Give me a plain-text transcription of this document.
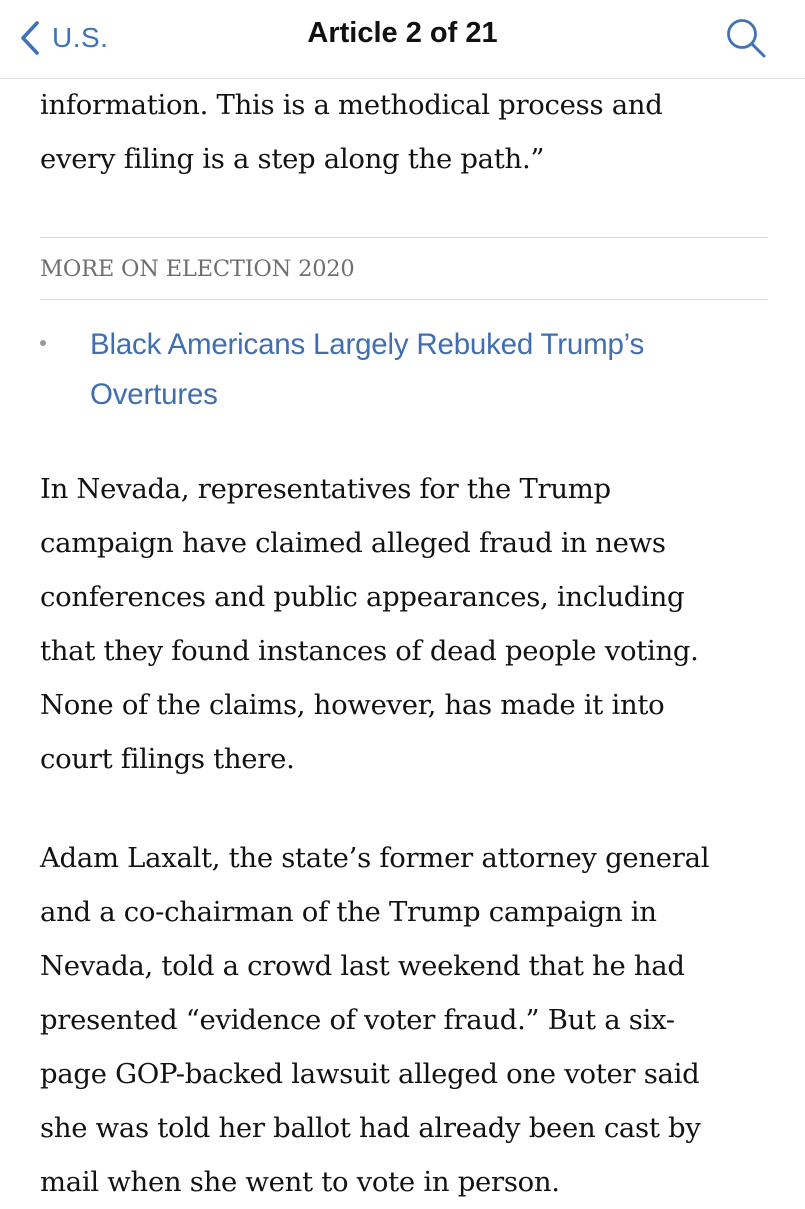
U.S.	Article 2 of 21

information. This is a methodical process and
every filing is a step along the path.”

MORE ON ELECTION 2020
Black Americans Largely Rebuked Trump’s
Overtures

In Nevada, representatives for the Trump
campaign have claimed alleged fraud in news
conferences and public appearances, including
that they found instances of dead people voting.
None of the claims, however, has made it into
court filings there.

Adam Laxalt, the state’s former attorney general
and a co-chairman of the Trump campaign in
Nevada, told a crowd last weekend that he had
presented “evidence of voter fraud.” But a six-
page GOP-backed lawsuit alleged one voter said
she was told her ballot had already been cast by
mail when she went to vote in person.
